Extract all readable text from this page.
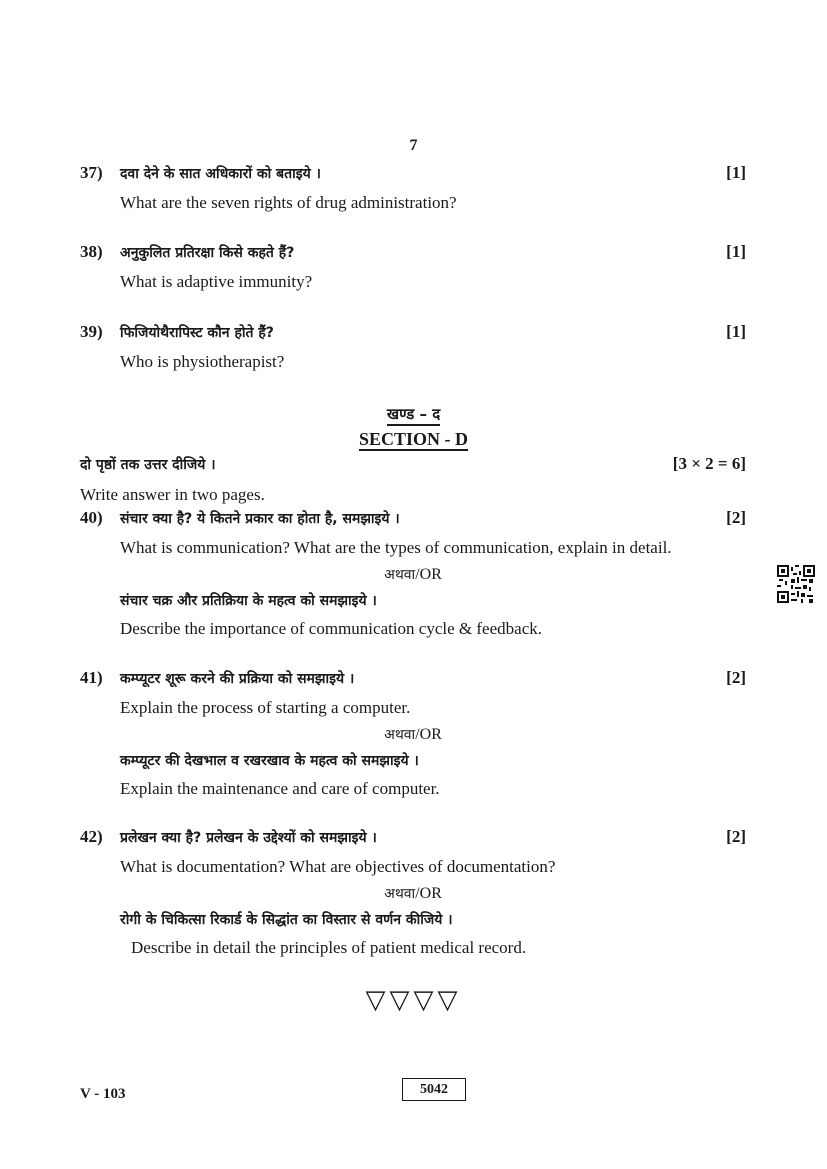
7
37)	दवा देने के सात अधिकारों को बताइये ।	[1]
What are the seven rights of drug administration?
38)	अनुकुलित प्रतिरक्षा किसे कहते हैं?	[1]
What is adaptive immunity?
39)	फिजियोथैरापिस्ट कौन होते हैं?	[1]
Who is physiotherapist?
खण्ड – द
SECTION - D
दो पृष्ठों तक उत्तर दीजिये ।	[3 × 2 = 6]
Write answer in two pages.
40)	संचार क्या है? ये कितने प्रकार का होता है, समझाइये ।	[2]
What is communication? What are the types of communication, explain in detail.
अथवा/OR
संचार चक्र और प्रतिक्रिया के महत्व को समझाइये ।
Describe the importance of communication cycle & feedback.
41)	कम्प्यूटर शूरू करने की प्रक्रिया को समझाइये ।	[2]
Explain the process of starting a computer.
अथवा/OR
कम्प्यूटर की देखभाल व रखरखाव के महत्व को समझाइये ।
Explain the maintenance and care of computer.
42)	प्रलेखन क्या है? प्रलेखन के उद्देश्यों को समझाइये ।	[2]
What is documentation? What are objectives of documentation?
अथवा/OR
रोगी के चिकित्सा रिकार्ड के सिद्धांत का विस्तार से वर्णन कीजिये ।
Describe in detail the principles of patient medical record.
▽▽▽▽
V - 103	5042
